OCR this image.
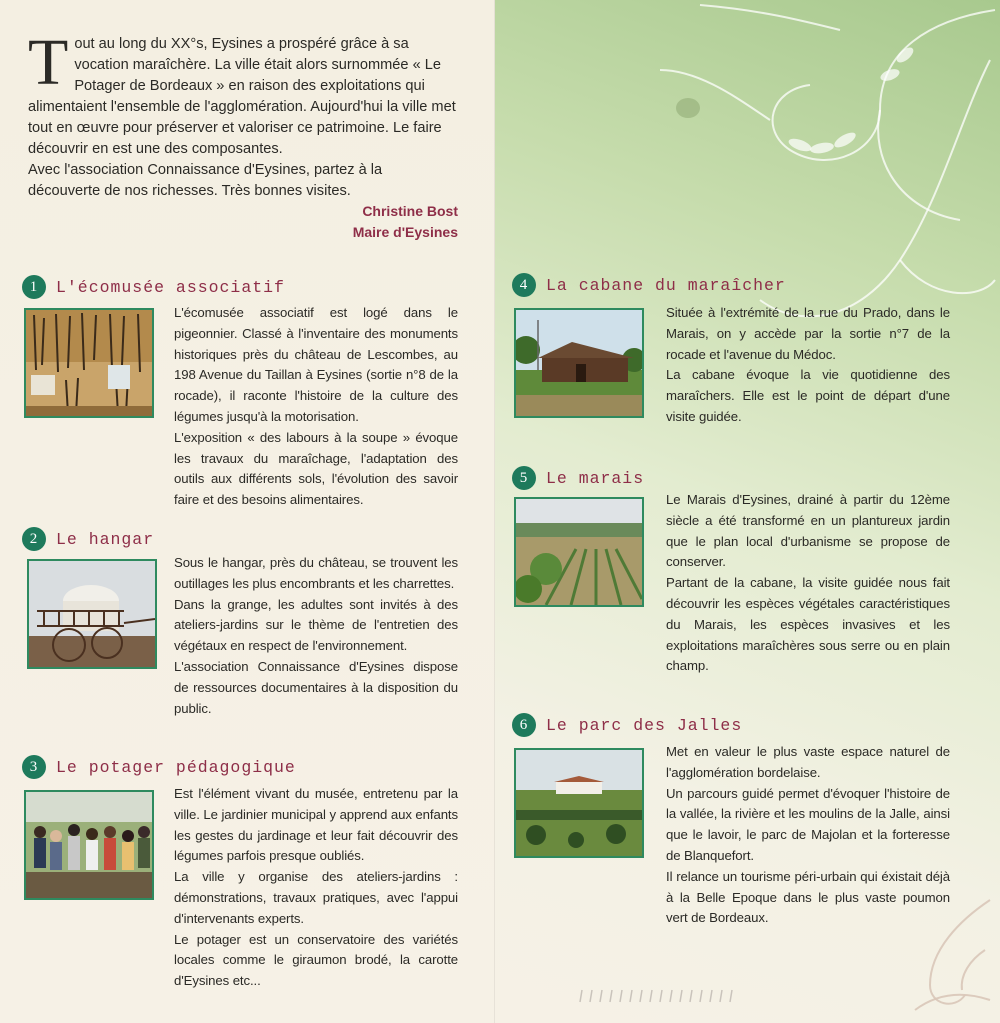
T out au long du XX°s, Eysines a prospéré grâce à sa vocation maraîchère. La ville était alors surnommée « Le Potager de Bordeaux » en raison des exploitations qui alimentaient l'ensemble de l'agglomération. Aujourd'hui la ville met tout en œuvre pour préserver et valoriser ce patrimoine. Le faire découvrir en est une des composantes.
Avec l'association Connaissance d'Eysines, partez à la découverte de nos richesses. Très bonnes visites.
Christine Bost
Maire d'Eysines
1	L'écomusée associatif

L'écomusée associatif est logé dans le pigeonnier. Classé à l'inventaire des monuments historiques près du château de Lescombes, au 198 Avenue du Taillan à Eysines (sortie n°8 de la rocade), il raconte l'histoire de la culture des légumes jusqu'à la motorisation.

L'exposition « des labours à la soupe » évoque les travaux du maraîchage, l'adaptation des outils aux différents sols, l'évolution des savoir faire et des besoins alimentaires.

2	Le hangar

Sous le hangar, près du château, se trouvent les outillages les plus encombrants et les charrettes.

Dans la grange, les adultes sont invités à des ateliers-jardins sur le thème de l'entretien des végétaux en respect de l'environnement.

L'association Connaissance d'Eysines dispose de ressources documentaires à la disposition du public.

3	Le potager pédagogique

Est l'élément vivant du musée, entretenu par la ville. Le jardinier municipal y apprend aux enfants les gestes du jardinage et leur fait découvrir des légumes parfois presque oubliés.

La ville y organise des ateliers-jardins : démonstrations, travaux pratiques, avec l'appui d'intervenants experts.

Le potager est un conservatoire des variétés locales comme le giraumon brodé, la carotte d'Eysines etc...

4	La cabane du maraîcher

Située à l'extrémité de la rue du Prado, dans le Marais, on y accède par la sortie n°7 de la rocade et l'avenue du Médoc.

La cabane évoque la vie quotidienne des maraîchers. Elle est le point de départ d'une visite guidée.

5	Le marais

Le Marais d'Eysines, drainé à partir du 12ème siècle a été transformé en un plantureux jardin que le plan local d'urbanisme se propose de conserver.

Partant de la cabane, la visite guidée nous fait découvrir les espèces végétales caractéristiques du Marais, les espèces invasives et les exploitations maraîchères sous serre ou en plain champ.

6	Le parc des Jalles

Met en valeur le plus vaste espace naturel de l'agglomération bordelaise.

Un parcours guidé permet d'évoquer l'histoire de la vallée, la rivière et les moulins de la Jalle, ainsi que le lavoir, le parc de Majolan et la forteresse de Blanquefort.

Il relance un tourisme péri-urbain qui éxistait déjà à la Belle Epoque dans le plus vaste poumon vert de Bordeaux.
